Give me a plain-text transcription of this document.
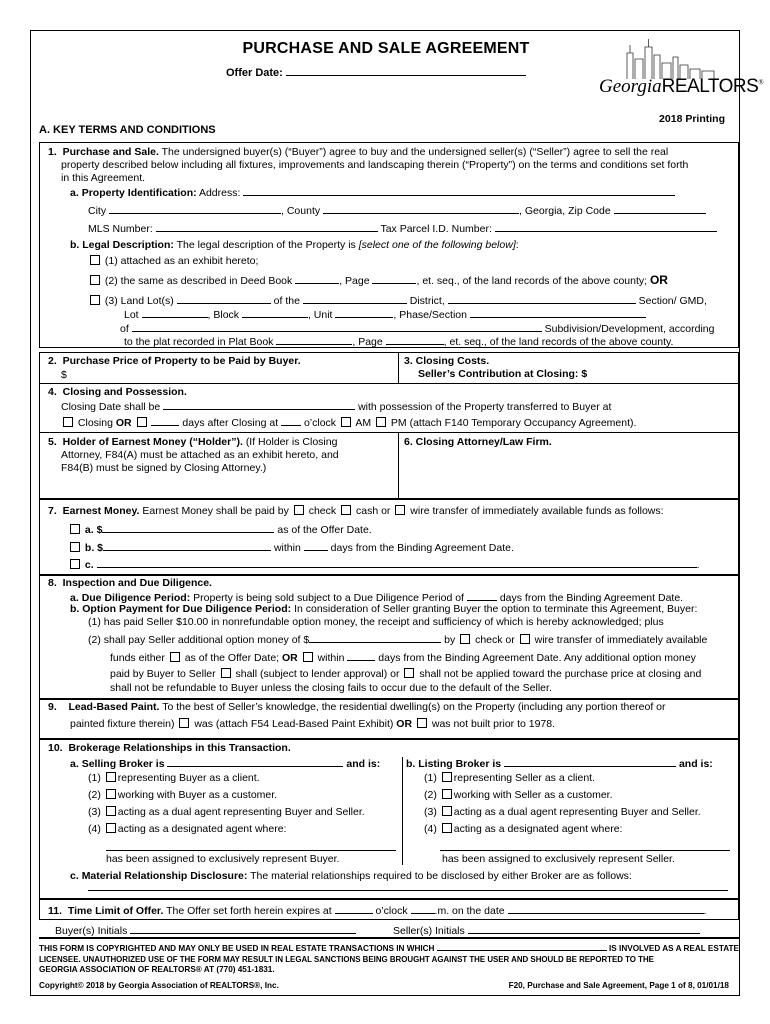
PURCHASE AND SALE AGREEMENT
Offer Date:
GeorgiaREALTORS®
2018 Printing
A. KEY TERMS AND CONDITIONS
1. Purchase and Sale. The undersigned buyer(s) (“Buyer”) agree to buy and the undersigned seller(s) (“Seller”) agree to sell the real
property described below including all fixtures, improvements and landscaping therein (“Property”) on the terms and conditions set forth
in this Agreement.
a. Property Identification: Address:
City	, County	, Georgia, Zip Code
MLS Number:	Tax Parcel I.D. Number:
b. Legal Description: The legal description of the Property is [select one of the following below]:
(1) attached as an exhibit hereto;
(2) the same as described in Deed Book	, Page	, et. seq., of the land records of the above county; OR
(3) Land Lot(s)	of the	District,	Section/ GMD,
Lot	, Block	, Unit	, Phase/Section
of	Subdivision/Development, according
to the plat recorded in Plat Book	, Page	, et. seq., of the land records of the above county.
2. Purchase Price of Property to be Paid by Buyer.
$
3. Closing Costs.
Seller’s Contribution at Closing: $
4. Closing and Possession.
Closing Date shall be	with possession of the Property transferred to Buyer at
Closing OR	days after Closing at o’clock AM PM (attach F140 Temporary Occupancy Agreement).
5. Holder of Earnest Money (“Holder”). (If Holder is Closing
Attorney, F84(A) must be attached as an exhibit hereto, and
F84(B) must be signed by Closing Attorney.)
6. Closing Attorney/Law Firm.
7. Earnest Money. Earnest Money shall be paid by check cash or wire transfer of immediately available funds as follows:
a. $	as of the Offer Date.
b. $	within	days from the Binding Agreement Date.
c.	.
8. Inspection and Due Diligence.
a. Due Diligence Period: Property is being sold subject to a Due Diligence Period of	days from the Binding Agreement Date.
b. Option Payment for Due Diligence Period: In consideration of Seller granting Buyer the option to terminate this Agreement, Buyer:
(1) has paid Seller $10.00 in nonrefundable option money, the receipt and sufficiency of which is hereby acknowledged; plus
(2) shall pay Seller additional option money of $	by check or wire transfer of immediately available
funds either as of the Offer Date; OR within	days from the Binding Agreement Date. Any additional option money
paid by Buyer to Seller shall (subject to lender approval) or shall not be applied toward the purchase price at closing and
shall not be refundable to Buyer unless the closing fails to occur due to the default of the Seller.
9. Lead-Based Paint. To the best of Seller’s knowledge, the residential dwelling(s) on the Property (including any portion thereof or
painted fixture therein) was (attach F54 Lead-Based Paint Exhibit) OR was not built prior to 1978.
10. Brokerage Relationships in this Transaction.
a. Selling Broker is	and is: b. Listing Broker is	and is:
(1) representing Buyer as a client.
(2) working with Buyer as a customer.
(3) acting as a dual agent representing Buyer and Seller.
(4) acting as a designated agent where:
(1) representing Seller as a client.
(2) working with Seller as a customer.
(3) acting as a dual agent representing Buyer and Seller.
(4) acting as a designated agent where:
has been assigned to exclusively represent Buyer.	has been assigned to exclusively represent Seller.
c. Material Relationship Disclosure: The material relationships required to be disclosed by either Broker are as follows:
11. Time Limit of Offer. The Offer set forth herein expires at	o’clock	.m. on the date	.
Buyer(s) Initials	Seller(s) Initials
THIS FORM IS COPYRIGHTED AND MAY ONLY BE USED IN REAL ESTATE TRANSACTIONS IN WHICH	IS INVOLVED AS A REAL ESTATE
LICENSEE. UNAUTHORIZED USE OF THE FORM MAY RESULT IN LEGAL SANCTIONS BEING BROUGHT AGAINST THE USER AND SHOULD BE REPORTED TO THE
GEORGIA ASSOCIATION OF REALTORS® AT (770) 451-1831.
Copyright© 2018 by Georgia Association of REALTORS®, Inc.	F20, Purchase and Sale Agreement, Page 1 of 8, 01/01/18
